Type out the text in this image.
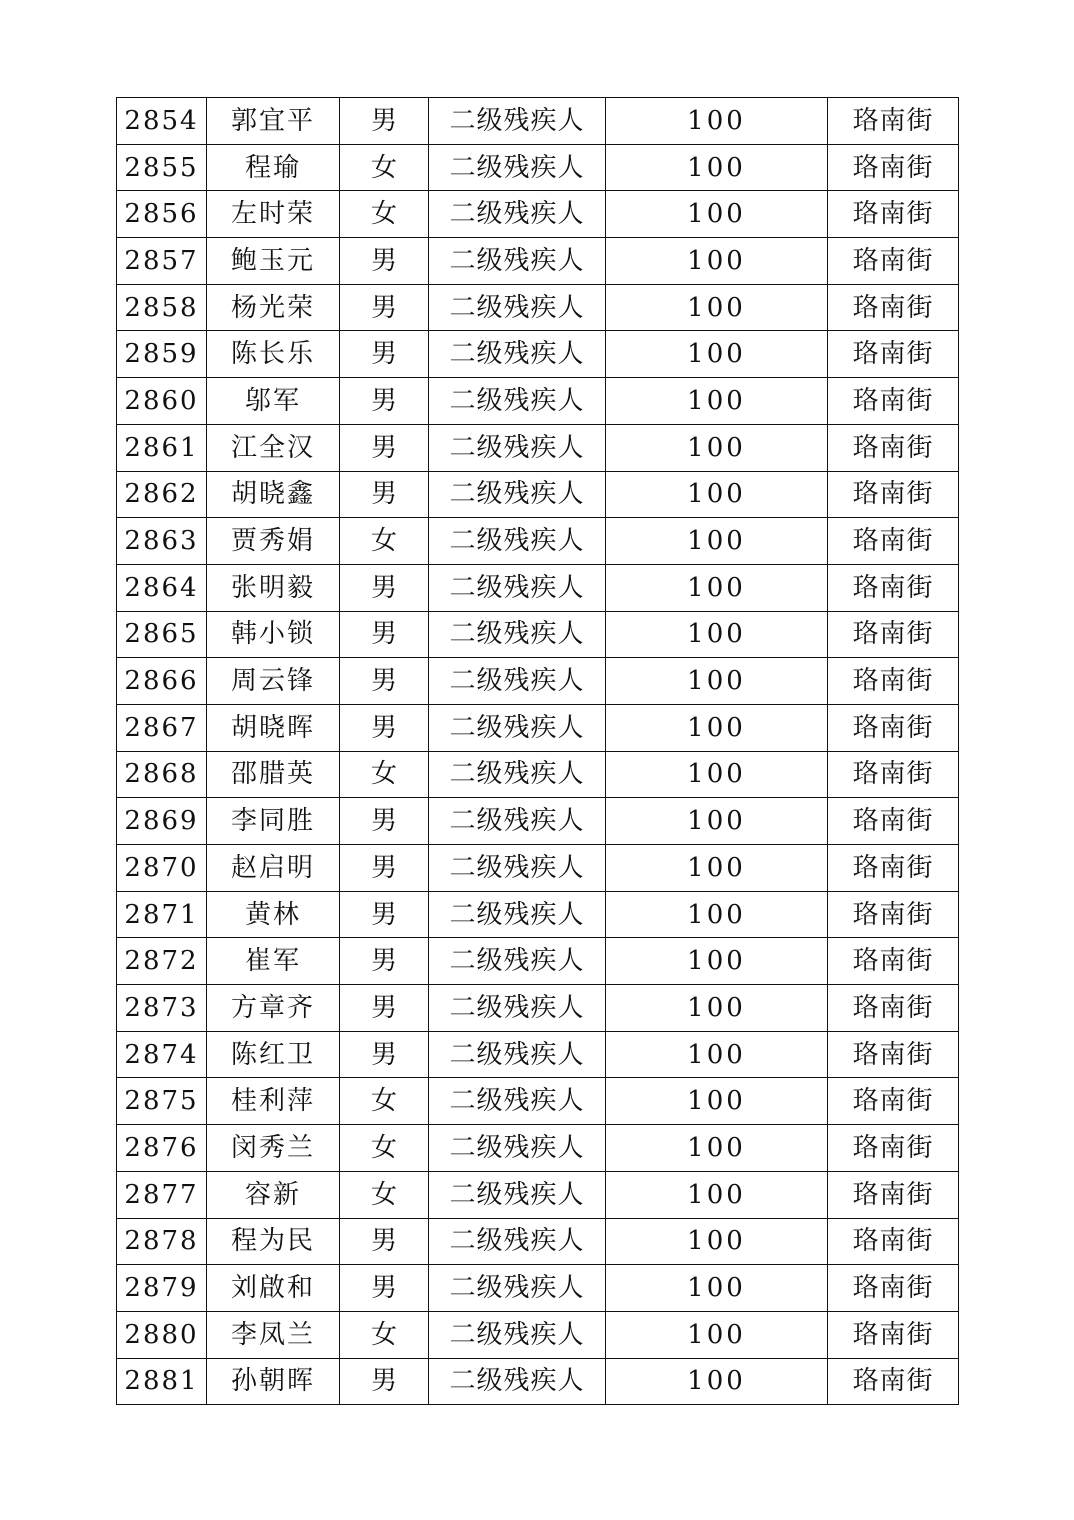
2854	郭宜平	男	二级残疾人	100	珞南街
2855	程瑜	女	二级残疾人	100	珞南街
2856	左时荣	女	二级残疾人	100	珞南街
2857	鲍玉元	男	二级残疾人	100	珞南街
2858	杨光荣	男	二级残疾人	100	珞南街
2859	陈长乐	男	二级残疾人	100	珞南街
2860	邬军	男	二级残疾人	100	珞南街
2861	江全汉	男	二级残疾人	100	珞南街
2862	胡晓鑫	男	二级残疾人	100	珞南街
2863	贾秀娟	女	二级残疾人	100	珞南街
2864	张明毅	男	二级残疾人	100	珞南街
2865	韩小锁	男	二级残疾人	100	珞南街
2866	周云锋	男	二级残疾人	100	珞南街
2867	胡晓晖	男	二级残疾人	100	珞南街
2868	邵腊英	女	二级残疾人	100	珞南街
2869	李同胜	男	二级残疾人	100	珞南街
2870	赵启明	男	二级残疾人	100	珞南街
2871	黄林	男	二级残疾人	100	珞南街
2872	崔军	男	二级残疾人	100	珞南街
2873	方章齐	男	二级残疾人	100	珞南街
2874	陈红卫	男	二级残疾人	100	珞南街
2875	桂利萍	女	二级残疾人	100	珞南街
2876	闵秀兰	女	二级残疾人	100	珞南街
2877	容新	女	二级残疾人	100	珞南街
2878	程为民	男	二级残疾人	100	珞南街
2879	刘啟和	男	二级残疾人	100	珞南街
2880	李凤兰	女	二级残疾人	100	珞南街
2881	孙朝晖	男	二级残疾人	100	珞南街
